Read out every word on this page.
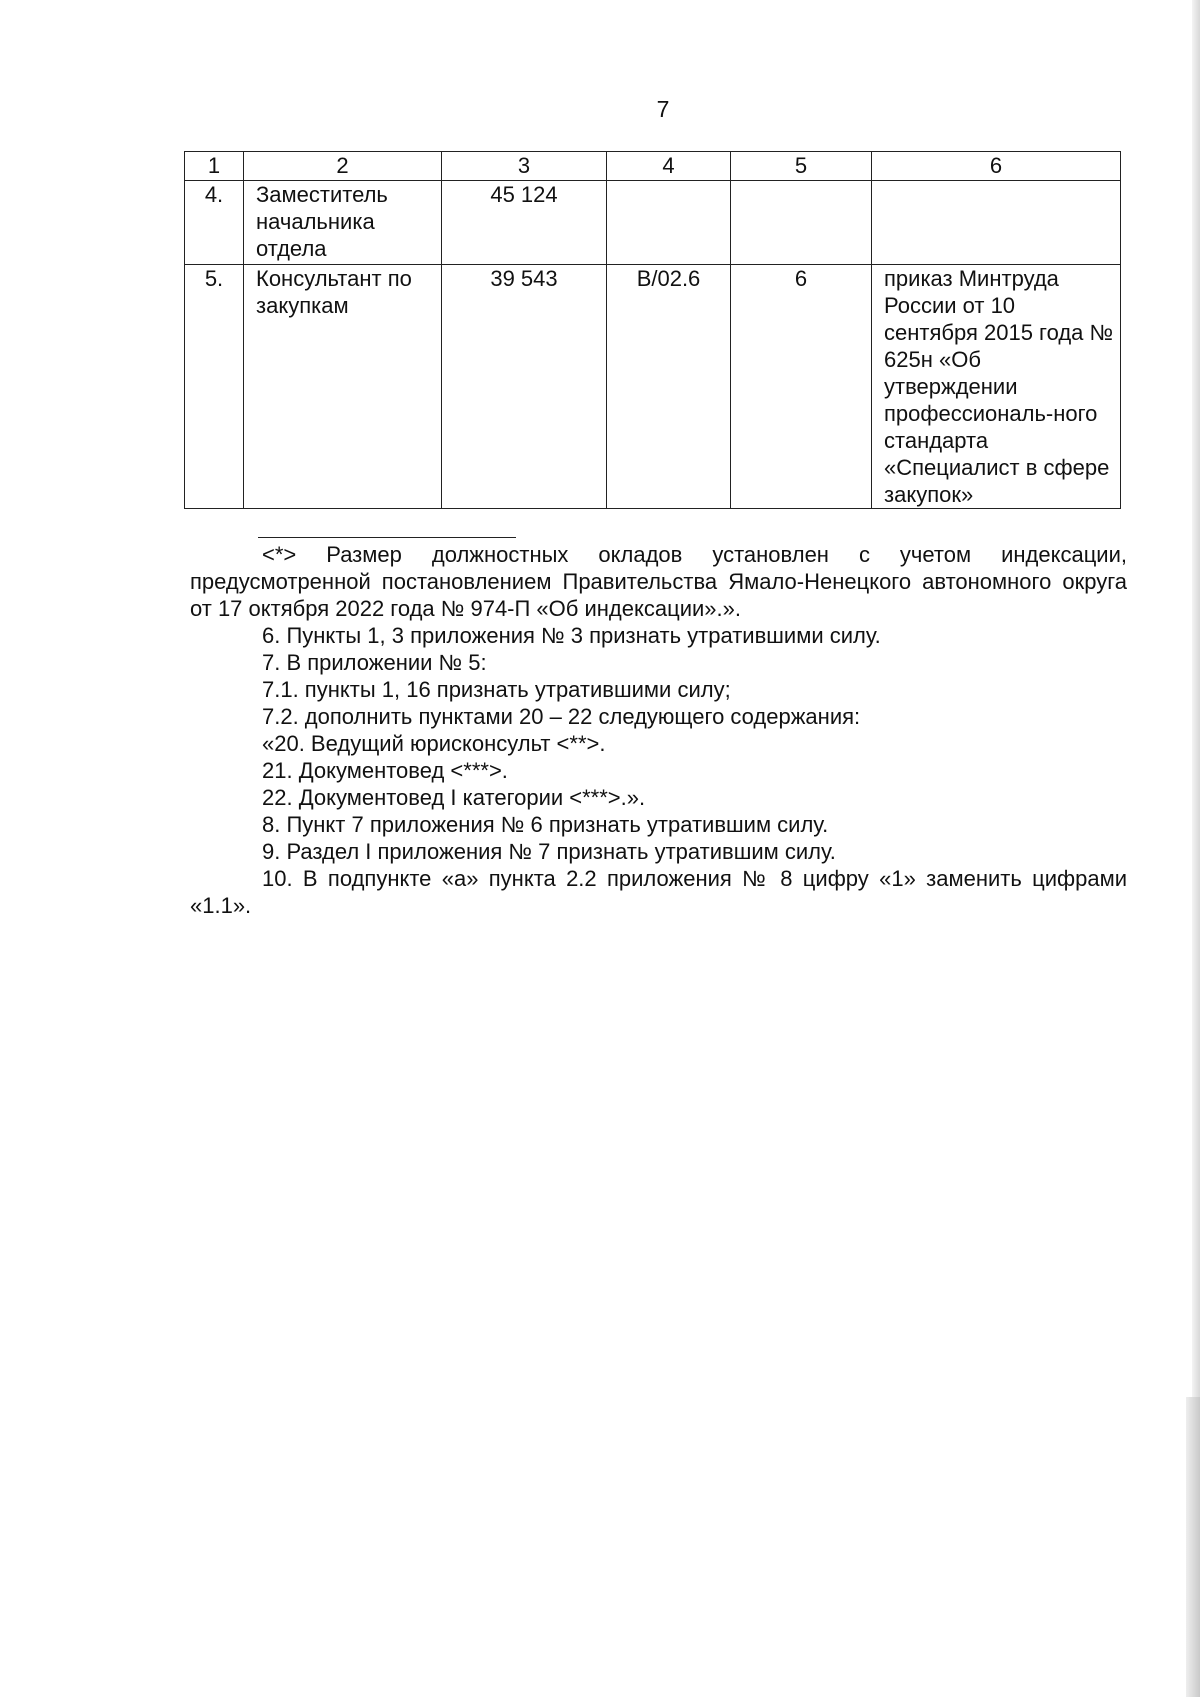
7
1	2	3	4	5	6
4.	Заместитель начальника отдела	45 124			
5.	Консультант по закупкам	39 543	В/02.6	6	приказ Минтруда России от 10 сентября 2015 года № 625н «Об утверждении профессиональ-ного стандарта «Специалист в сфере закупок»

<*> Размер должностных окладов установлен с учетом индексации, предусмотренной постановлением Правительства Ямало-Ненецкого автономного округа от 17 октября 2022 года № 974-П «Об индексации».».

6. Пункты 1, 3 приложения № 3 признать утратившими силу.

7. В приложении № 5:

7.1. пункты 1, 16 признать утратившими силу;

7.2. дополнить пунктами 20 – 22 следующего содержания:

«20. Ведущий юрисконсульт <**>.

21. Документовед <***>.

22. Документовед I категории <***>.».

8. Пункт 7 приложения № 6 признать утратившим силу.

9. Раздел I приложения № 7 признать утратившим силу.

10. В подпункте «а» пункта 2.2 приложения № 8 цифру «1» заменить цифрами «1.1».
